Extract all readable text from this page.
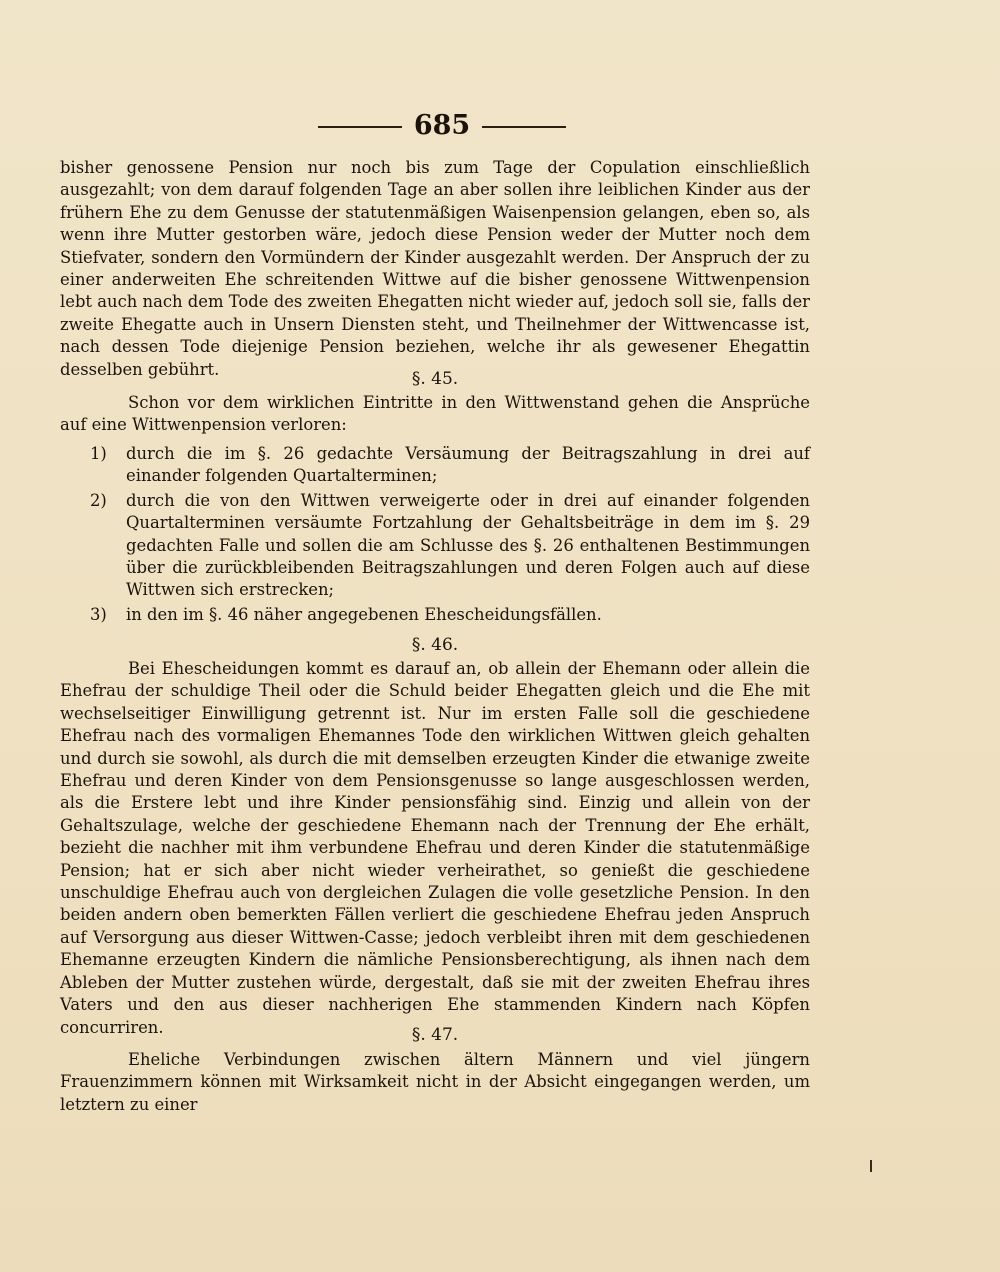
685
bisher genossene Pension nur noch bis zum Tage der Copulation einschließlich ausgezahlt; von dem darauf folgenden Tage an aber sollen ihre leiblichen Kinder aus der frühern Ehe zu dem Genusse der statutenmäßigen Waisenpension gelangen, eben so, als wenn ihre Mutter gestorben wäre, jedoch diese Pension weder der Mutter noch dem Stiefvater, sondern den Vormündern der Kinder ausgezahlt werden. Der Anspruch der zu einer anderweiten Ehe schreitenden Wittwe auf die bisher genossene Wittwenpension lebt auch nach dem Tode des zweiten Ehegatten nicht wieder auf, jedoch soll sie, falls der zweite Ehegatte auch in Unsern Diensten steht, und Theilnehmer der Wittwencasse ist, nach dessen Tode diejenige Pension beziehen, welche ihr als gewesener Ehegattin desselben gebührt.	§. 45.
Schon vor dem wirklichen Eintritte in den Wittwenstand gehen die Ansprüche auf eine Wittwenpension verloren:
1) durch die im §. 26 gedachte Versäumung der Beitragszahlung in drei auf einander folgenden Quartalterminen;
2) durch die von den Wittwen verweigerte oder in drei auf einander folgenden Quartalterminen versäumte Fortzahlung der Gehaltsbeiträge in dem im §. 29 gedachten Falle und sollen die am Schlusse des §. 26 enthaltenen Bestimmungen über die zurückbleibenden Beitragszahlungen und deren Folgen auch auf diese Wittwen sich erstrecken;
3) in den im §. 46 näher angegebenen Ehescheidungsfällen.
§. 46.
Bei Ehescheidungen kommt es darauf an, ob allein der Ehemann oder allein die Ehefrau der schuldige Theil oder die Schuld beider Ehegatten gleich und die Ehe mit wechselseitiger Einwilligung getrennt ist. Nur im ersten Falle soll die geschiedene Ehefrau nach des vormaligen Ehemannes Tode den wirklichen Wittwen gleich gehalten und durch sie sowohl, als durch die mit demselben erzeugten Kinder die etwanige zweite Ehefrau und deren Kinder von dem Pensionsgenusse so lange ausgeschlossen werden, als die Erstere lebt und ihre Kinder pensionsfähig sind. Einzig und allein von der Gehaltszulage, welche der geschiedene Ehemann nach der Trennung der Ehe erhält, bezieht die nachher mit ihm verbundene Ehefrau und deren Kinder die statutenmäßige Pension; hat er sich aber nicht wieder verheirathet, so genießt die geschiedene unschuldige Ehefrau auch von dergleichen Zulagen die volle gesetzliche Pension. In den beiden andern oben bemerkten Fällen verliert die geschiedene Ehefrau jeden Anspruch auf Versorgung aus dieser Wittwen-Casse; jedoch verbleibt ihren mit dem geschiedenen Ehemanne erzeugten Kindern die nämliche Pensionsberechtigung, als ihnen nach dem Ableben der Mutter zustehen würde, dergestalt, daß sie mit der zweiten Ehefrau ihres Vaters und den aus dieser nachherigen Ehe stammenden Kindern nach Köpfen concurriren.	§. 47.
Eheliche Verbindungen zwischen ältern Männern und viel jüngern Frauenzimmern können mit Wirksamkeit nicht in der Absicht eingegangen werden, um letztern zu einer
